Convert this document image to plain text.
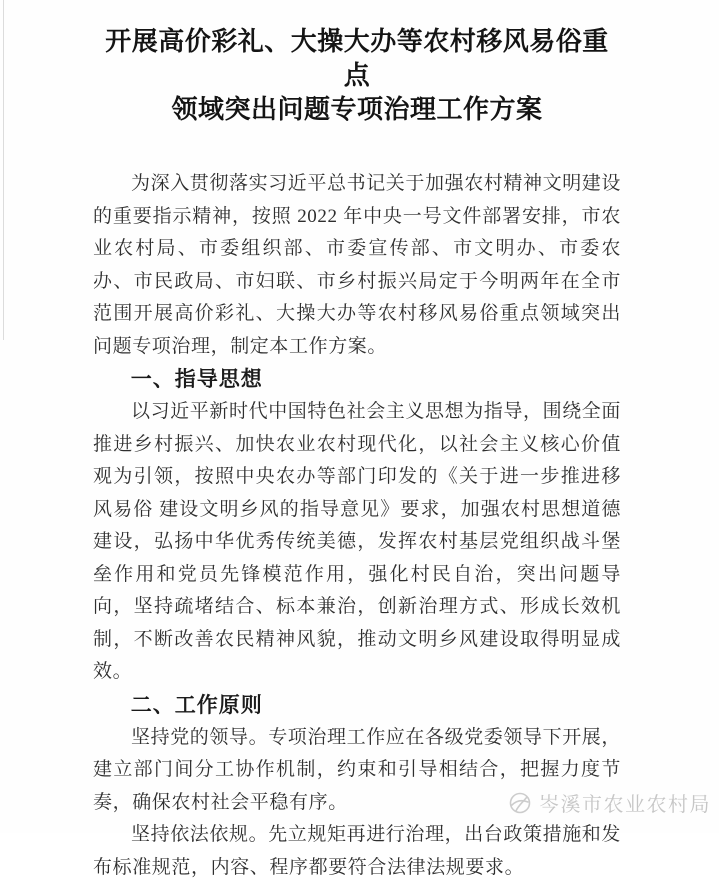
开展高价彩礼、大操大办等农村移风易俗重点
领域突出问题专项治理工作方案

为深入贯彻落实习近平总书记关于加强农村精神文明建设的重要指示精神，按照 2022 年中央一号文件部署安排，市农业农村局、市委组织部、市委宣传部、市文明办、市委农办、市民政局、市妇联、市乡村振兴局定于今明两年在全市范围开展高价彩礼、大操大办等农村移风易俗重点领域突出问题专项治理，制定本工作方案。

一、指导思想

以习近平新时代中国特色社会主义思想为指导，围绕全面推进乡村振兴、加快农业农村现代化，以社会主义核心价值观为引领，按照中央农办等部门印发的《关于进一步推进移风易俗 建设文明乡风的指导意见》要求，加强农村思想道德建设，弘扬中华优秀传统美德，发挥农村基层党组织战斗堡垒作用和党员先锋模范作用，强化村民自治，突出问题导向，坚持疏堵结合、标本兼治，创新治理方式、形成长效机制，不断改善农民精神风貌，推动文明乡风建设取得明显成效。

二、工作原则

坚持党的领导。专项治理工作应在各级党委领导下开展，建立部门间分工协作机制，约束和引导相结合，把握力度节奏，确保农村社会平稳有序。

坚持依法依规。先立规矩再进行治理，出台政策措施和发布标准规范，内容、程序都要符合法律法规要求。

岑溪市农业农村局
